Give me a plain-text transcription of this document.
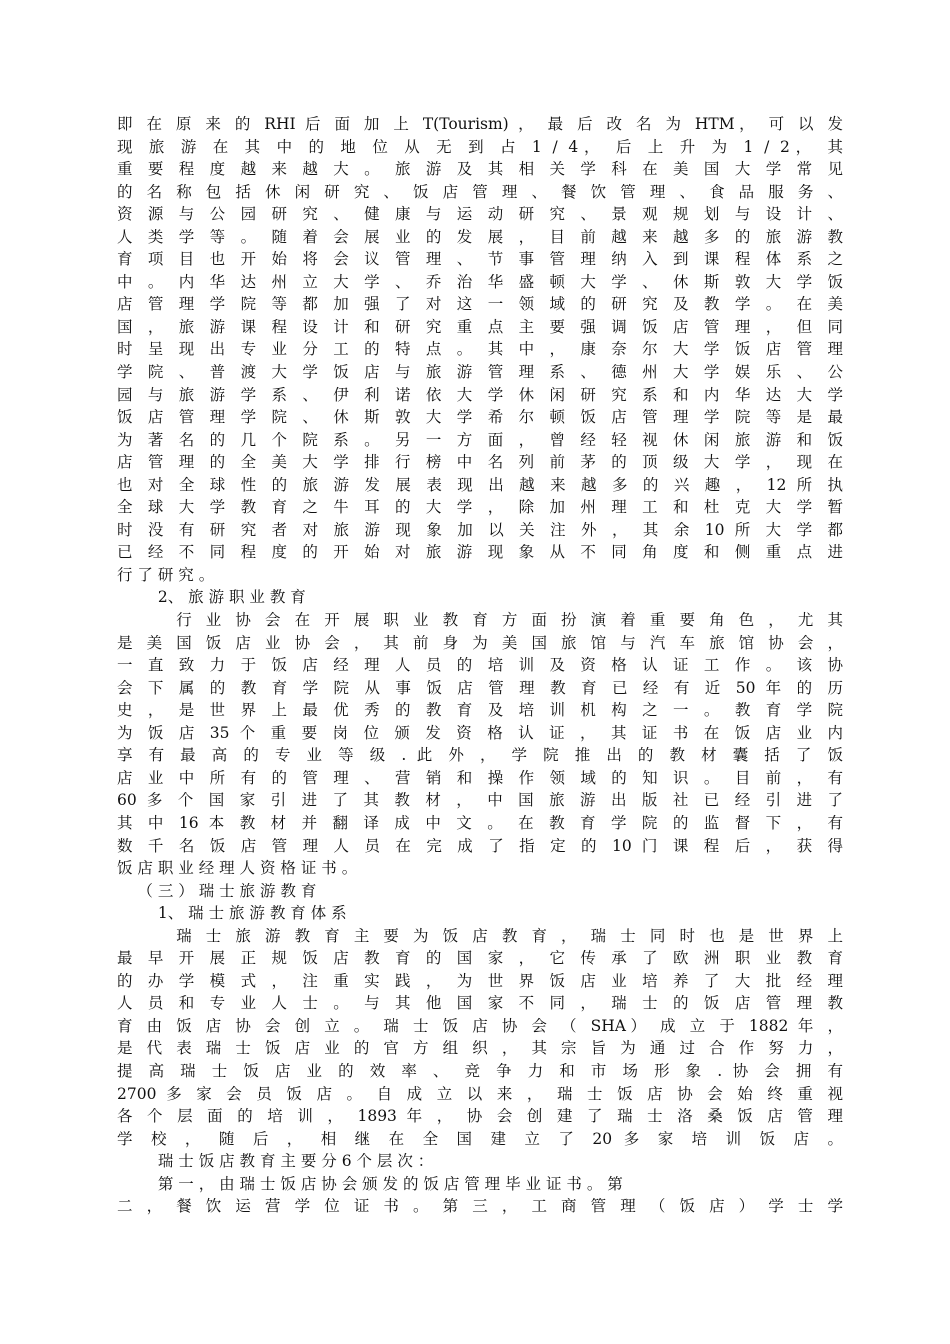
即 在 原 来 的 RHI 后 面 加 上 T(Tourism) ， 最 后 改 名 为 HTM， 可 以 发
现 旅 游 在 其 中 的 地 位 从 无 到 占 1 / 4， 后 上 升 为 1 / 2， 其
重 要 程 度 越 来 越 大 。 旅 游 及 其 相 关 学 科 在 美 国 大 学 常 见
的 名 称 包 括 休 闲 研 究 、 饭 店 管 理 、 餐 饮 管 理 、 食 品 服 务 、
资 源 与 公 园 研 究 、 健 康 与 运 动 研 究 、 景 观 规 划 与 设 计 、
人 类 学 等 。 随 着 会 展 业 的 发 展 ， 目 前 越 来 越 多 的 旅 游 教
育 项 目 也 开 始 将 会 议 管 理 、 节 事 管 理 纳 入 到 课 程 体 系 之
中 。 内 华 达 州 立 大 学 、 乔 治 华 盛 顿 大 学 、 休 斯 敦 大 学 饭
店 管 理 学 院 等 都 加 强 了 对 这 一 领 域 的 研 究 及 教 学 。 在 美
国 ， 旅 游 课 程 设 计 和 研 究 重 点 主 要 强 调 饭 店 管 理 ， 但 同
时 呈 现 出 专 业 分 工 的 特 点 。 其 中 ， 康 奈 尔 大 学 饭 店 管 理
学 院 、 普 渡 大 学 饭 店 与 旅 游 管 理 系 、 德 州 大 学 娱 乐 、 公
园 与 旅 游 学 系 、 伊 利 诺 依 大 学 休 闲 研 究 系 和 内 华 达 大 学
饭 店 管 理 学 院 、 休 斯 敦 大 学 希 尔 顿 饭 店 管 理 学 院 等 是 最
为 著 名 的 几 个 院 系 。 另 一 方 面 ， 曾 经 轻 视 休 闲 旅 游 和 饭
店 管 理 的 全 美 大 学 排 行 榜 中 名 列 前 茅 的 顶 级 大 学 ， 现 在
也 对 全 球 性 的 旅 游 发 展 表 现 出 越 来 越 多 的 兴 趣 ， 12 所 执
全 球 大 学 教 育 之 牛 耳 的 大 学 ， 除 加 州 理 工 和 杜 克 大 学 暂
时 没 有 研 究 者 对 旅 游 现 象 加 以 关 注 外 ， 其 余 10 所 大 学 都
已 经 不 同 程 度 的 开 始 对 旅 游 现 象 从 不 同 角 度 和 侧 重 点 进
行 了 研 究 。
　 　 2、 旅 游 职 业 教 育
　 　 行 业 协 会 在 开 展 职 业 教 育 方 面 扮 演 着 重 要 角 色 ， 尤 其
是 美 国 饭 店 业 协 会 ， 其 前 身 为 美 国 旅 馆 与 汽 车 旅 馆 协 会 ，
一 直 致 力 于 饭 店 经 理 人 员 的 培 训 及 资 格 认 证 工 作 。 该 协
会 下 属 的 教 育 学 院 从 事 饭 店 管 理 教 育 已 经 有 近 50 年 的 历
史 ， 是 世 界 上 最 优 秀 的 教 育 及 培 训 机 构 之 一 。 教 育 学 院
为 饭 店 35 个 重 要 岗 位 颁 发 资 格 认 证 ， 其 证 书 在 饭 店 业 内
享 有 最 高 的 专 业 等 级 . 此 外 ， 学 院 推 出 的 教 材 囊 括 了 饭
店 业 中 所 有 的 管 理 、 营 销 和 操 作 领 域 的 知 识 。 目 前 ， 有
60 多 个 国 家 引 进 了 其 教 材 ， 中 国 旅 游 出 版 社 已 经 引 进 了
其 中 16 本 教 材 并 翻 译 成 中 文 。 在 教 育 学 院 的 监 督 下 ， 有
数 千 名 饭 店 管 理 人 员 在 完 成 了 指 定 的 10 门 课 程 后 ， 获 得
饭 店 职 业 经 理 人 资 格 证 书 。
　 （ 三 ） 瑞 士 旅 游 教 育
　 　 1、 瑞 士 旅 游 教 育 体 系
　 　 瑞 士 旅 游 教 育 主 要 为 饭 店 教 育 ， 瑞 士 同 时 也 是 世 界 上
最 早 开 展 正 规 饭 店 教 育 的 国 家 ， 它 传 承 了 欧 洲 职 业 教 育
的 办 学 模 式 ， 注 重 实 践 ， 为 世 界 饭 店 业 培 养 了 大 批 经 理
人 员 和 专 业 人 士 。 与 其 他 国 家 不 同 ， 瑞 士 的 饭 店 管 理 教
育 由 饭 店 协 会 创 立 。 瑞 士 饭 店 协 会 （ SHA） 成 立 于 1882 年 ，
是 代 表 瑞 士 饭 店 业 的 官 方 组 织 ， 其 宗 旨 为 通 过 合 作 努 力 ，
提 高 瑞 士 饭 店 业 的 效 率 、 竞 争 力 和 市 场 形 象 . 协 会 拥 有
2700 多 家 会 员 饭 店 。 自 成 立 以 来 ， 瑞 士 饭 店 协 会 始 终 重 视
各 个 层 面 的 培 训 ， 1893 年 ， 协 会 创 建 了 瑞 士 洛 桑 饭 店 管 理
学 校 ， 随 后 ， 相 继 在 全 国 建 立 了 20 多 家 培 训 饭 店 。
　 　 瑞 士 饭 店 教 育 主 要 分 6 个 层 次 ：
　 　 第 一 ， 由 瑞 士 饭 店 协 会 颁 发 的 饭 店 管 理 毕 业 证 书 。 第
二 ， 餐 饮 运 营 学 位 证 书 。 第 三 ， 工 商 管 理 （ 饭 店 ） 学 士 学
